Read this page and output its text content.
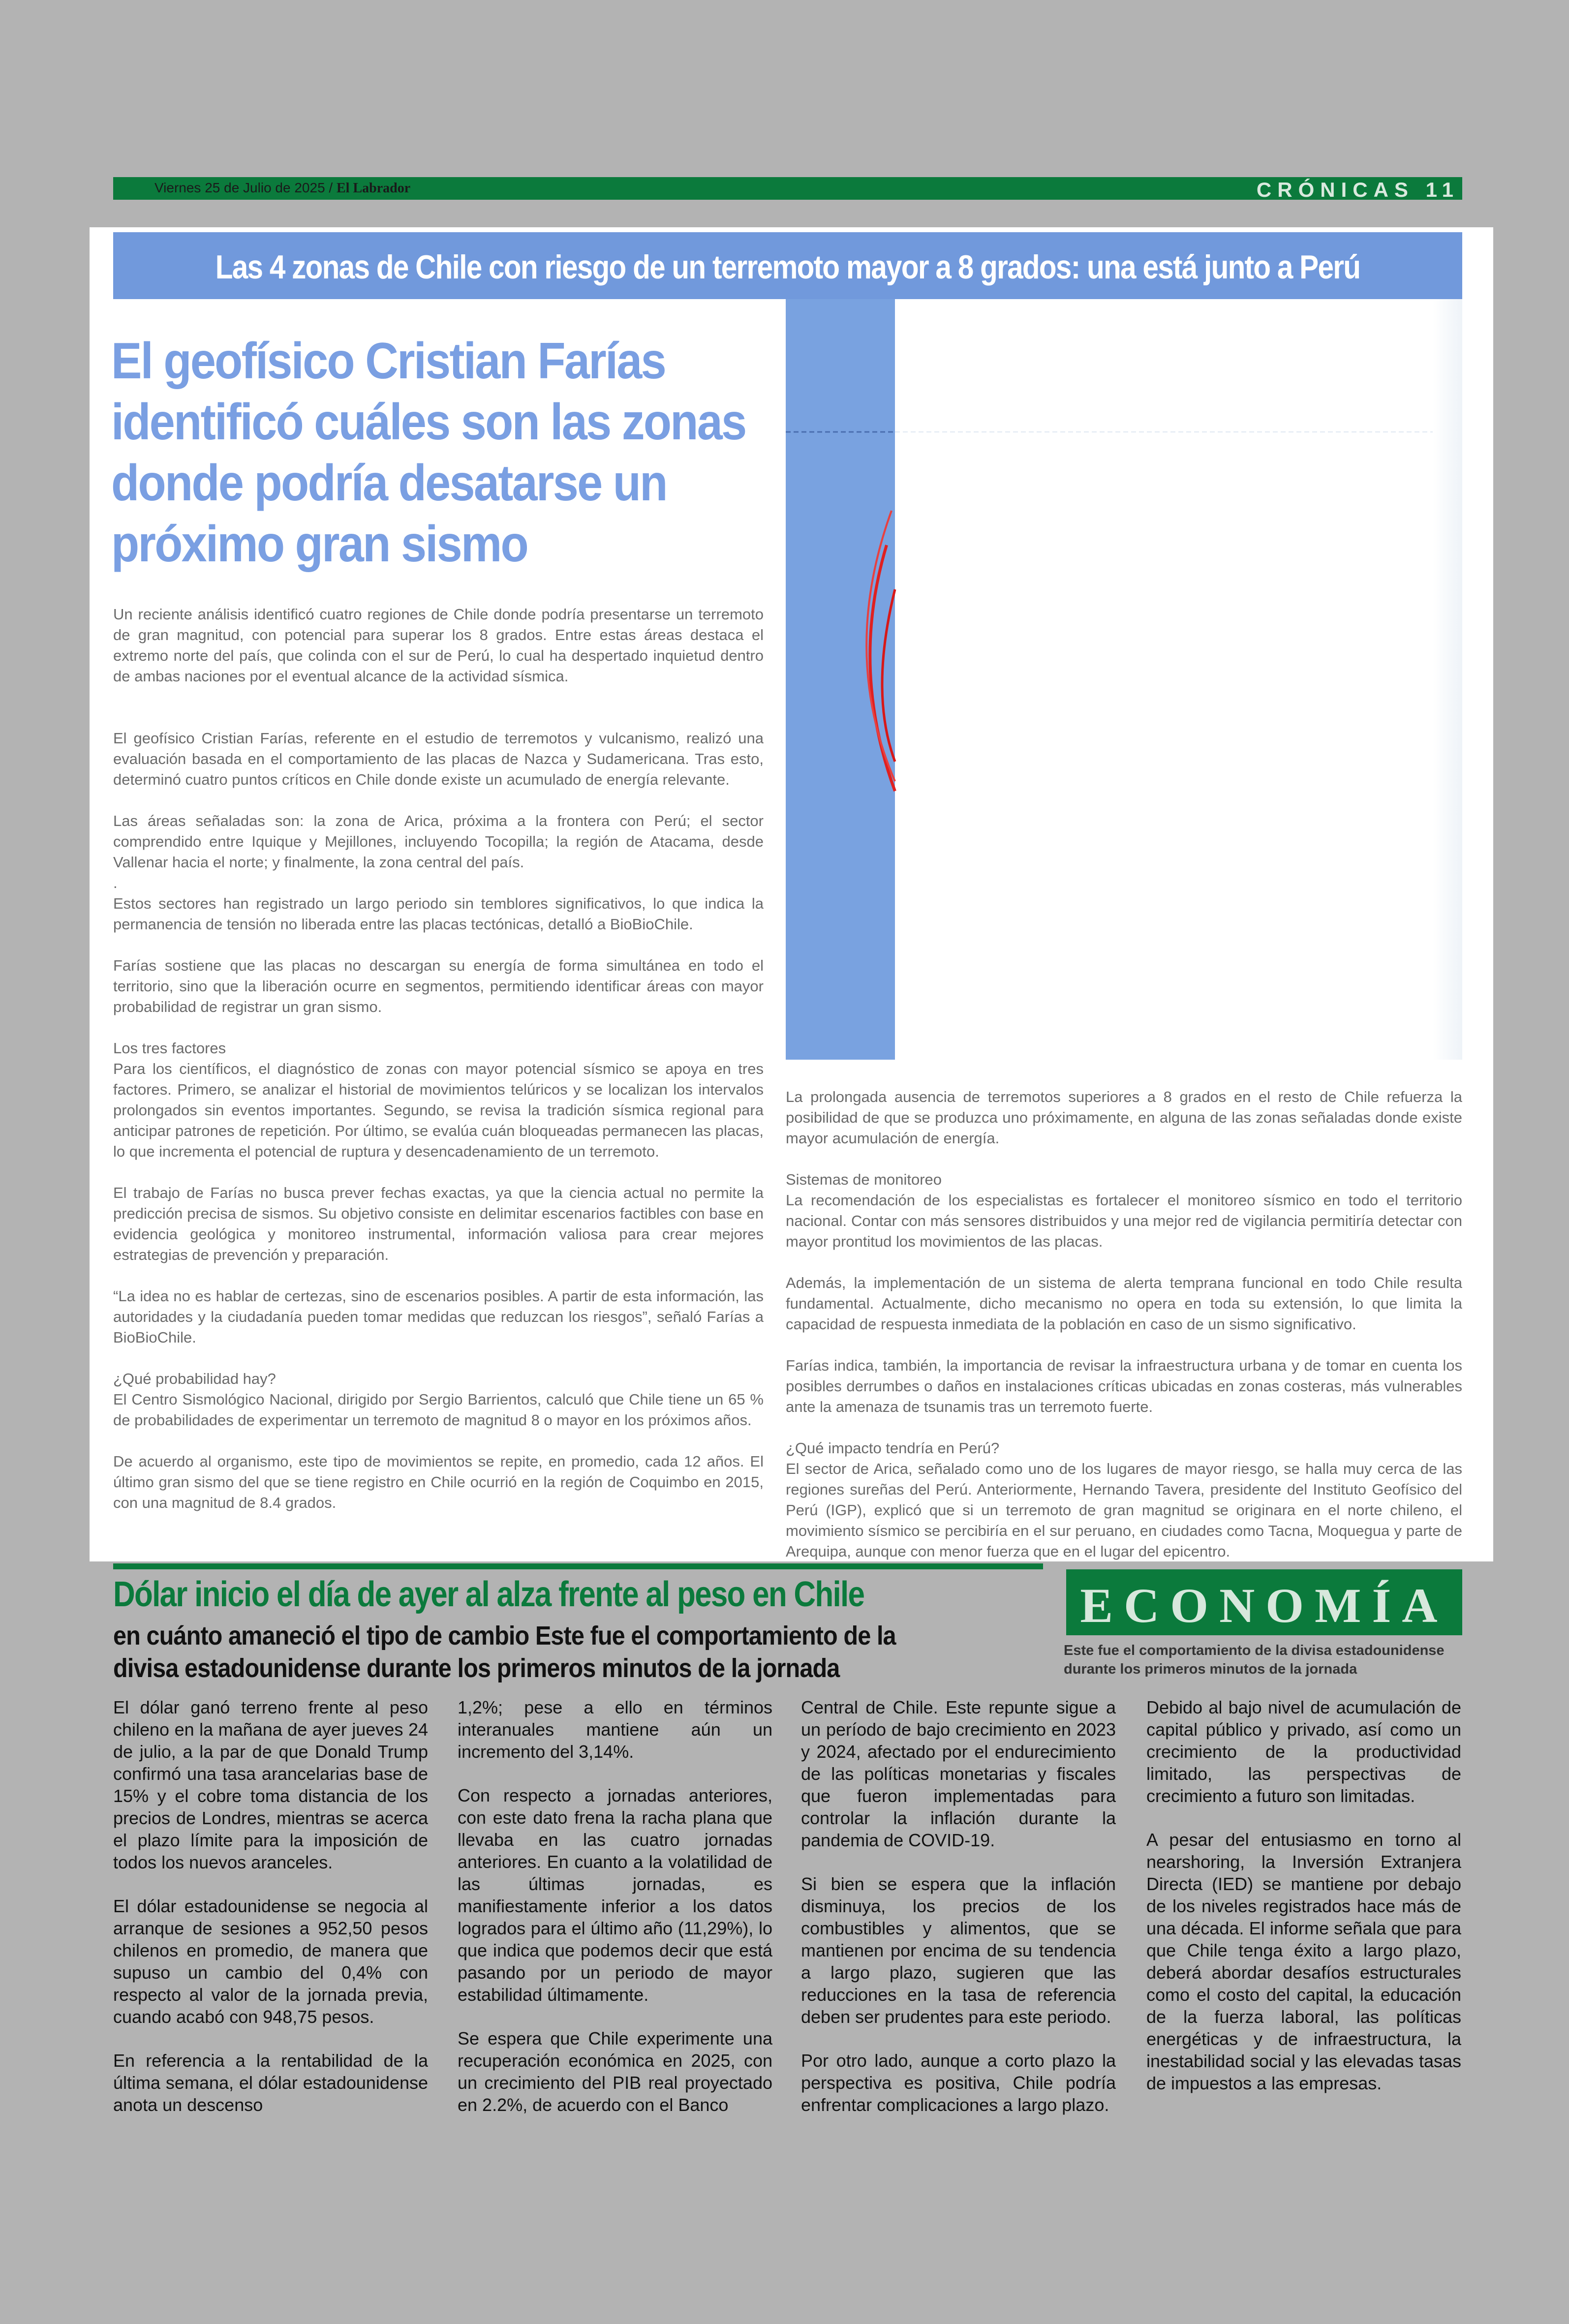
Viernes 25 de Julio de 2025 / El Labrador	CRÓNICAS 11
Las 4 zonas de Chile con riesgo de un terremoto mayor a 8 grados: una está junto a Perú
El geofísico Cristian Farías identificó cuáles son las zonas donde podría desatarse un próximo gran sismo

Un reciente análisis identificó cuatro regiones de Chile donde podría presentarse un terremoto de gran magnitud, con potencial para superar los 8 grados. Entre estas áreas destaca el extremo norte del país, que colinda con el sur de Perú, lo cual ha despertado inquietud dentro de ambas naciones por el eventual alcance de la actividad sísmica.

El geofísico Cristian Farías, referente en el estudio de terremotos y vulcanismo, realizó una evaluación basada en el comportamiento de las placas de Nazca y Sudamericana. Tras esto, determinó cuatro puntos críticos en Chile donde existe un acumulado de energía relevante.

Las áreas señaladas son: la zona de Arica, próxima a la frontera con Perú; el sector comprendido entre Iquique y Mejillones, incluyendo Tocopilla; la región de Atacama, desde Vallenar hacia el norte; y finalmente, la zona central del país.

.

Estos sectores han registrado un largo periodo sin temblores significativos, lo que indica la permanencia de tensión no liberada entre las placas tectónicas, detalló a BioBioChile.

Farías sostiene que las placas no descargan su energía de forma simultánea en todo el territorio, sino que la liberación ocurre en segmentos, permitiendo identificar áreas con mayor probabilidad de registrar un gran sismo.

Los tres factores

Para los científicos, el diagnóstico de zonas con mayor potencial sísmico se apoya en tres factores. Primero, se analizar el historial de movimientos telúricos y se localizan los intervalos prolongados sin eventos importantes. Segundo, se revisa la tradición sísmica regional para anticipar patrones de repetición. Por último, se evalúa cuán bloqueadas permanecen las placas, lo que incrementa el potencial de ruptura y desencadenamiento de un terremoto.

El trabajo de Farías no busca prever fechas exactas, ya que la ciencia actual no permite la predicción precisa de sismos. Su objetivo consiste en delimitar escenarios factibles con base en evidencia geológica y monitoreo instrumental, información valiosa para crear mejores estrategias de prevención y preparación.

“La idea no es hablar de certezas, sino de escenarios posibles. A partir de esta información, las autoridades y la ciudadanía pueden tomar medidas que reduzcan los riesgos”, señaló Farías a BioBioChile.

¿Qué probabilidad hay?

El Centro Sismológico Nacional, dirigido por Sergio Barrientos, calculó que Chile tiene un 65 % de probabilidades de experimentar un terremoto de magnitud 8 o mayor en los próximos años.

De acuerdo al organismo, este tipo de movimientos se repite, en promedio, cada 12 años. El último gran sismo del que se tiene registro en Chile ocurrió en la región de Coquimbo en 2015, con una magnitud de 8.4 grados.

La prolongada ausencia de terremotos superiores a 8 grados en el resto de Chile refuerza la posibilidad de que se produzca uno próximamente, en alguna de las zonas señaladas donde existe mayor acumulación de energía.

Sistemas de monitoreo

La recomendación de los especialistas es fortalecer el monitoreo sísmico en todo el territorio nacional. Contar con más sensores distribuidos y una mejor red de vigilancia permitiría detectar con mayor prontitud los movimientos de las placas.

Además, la implementación de un sistema de alerta temprana funcional en todo Chile resulta fundamental. Actualmente, dicho mecanismo no opera en toda su extensión, lo que limita la capacidad de respuesta inmediata de la población en caso de un sismo significativo.

Farías indica, también, la importancia de revisar la infraestructura urbana y de tomar en cuenta los posibles derrumbes o daños en instalaciones críticas ubicadas en zonas costeras, más vulnerables ante la amenaza de tsunamis tras un terremoto fuerte.

¿Qué impacto tendría en Perú?

El sector de Arica, señalado como uno de los lugares de mayor riesgo, se halla muy cerca de las regiones sureñas del Perú. Anteriormente, Hernando Tavera, presidente del Instituto Geofísico del Perú (IGP), explicó que si un terremoto de gran magnitud se originara en el norte chileno, el movimiento sísmico se percibiría en el sur peruano, en ciudades como Tacna, Moquegua y parte de Arequipa, aunque con menor fuerza que en el lugar del epicentro.

Dólar inicio el día de ayer al alza frente al peso en Chile
en cuánto amaneció el tipo de cambio Este fue el comportamiento de la divisa estadounidense durante los primeros minutos de la jornada
ECONOMÍA
Este fue el comportamiento de la divisa estadounidense durante los primeros minutos de la jornada

El dólar ganó terreno frente al peso chileno en la mañana de ayer jueves 24 de julio, a la par de que Donald Trump confirmó una tasa arancelarias base de 15% y el cobre toma distancia de los precios de Londres, mientras se acerca el plazo límite para la imposición de todos los nuevos aranceles.

El dólar estadounidense se negocia al arranque de sesiones a 952,50 pesos chilenos en promedio, de manera que supuso un cambio del 0,4% con respecto al valor de la jornada previa, cuando acabó con 948,75 pesos.

En referencia a la rentabilidad de la última semana, el dólar estadounidense anota un descenso

1,2%; pese a ello en términos interanuales mantiene aún un incremento del 3,14%.

Con respecto a jornadas anteriores, con este dato frena la racha plana que llevaba en las cuatro jornadas anteriores. En cuanto a la volatilidad de las últimas jornadas, es manifiestamente inferior a los datos logrados para el último año (11,29%), lo que indica que podemos decir que está pasando por un periodo de mayor estabilidad últimamente.

Se espera que Chile experimente una recuperación económica en 2025, con un crecimiento del PIB real proyectado en 2.2%, de acuerdo con el Banco

Central de Chile. Este repunte sigue a un período de bajo crecimiento en 2023 y 2024, afectado por el endurecimiento de las políticas monetarias y fiscales que fueron implementadas para controlar la inflación durante la pandemia de COVID-19.

Si bien se espera que la inflación disminuya, los precios de los combustibles y alimentos, que se mantienen por encima de su tendencia a largo plazo, sugieren que las reducciones en la tasa de referencia deben ser prudentes para este periodo.

Por otro lado, aunque a corto plazo la perspectiva es positiva, Chile podría enfrentar complicaciones a largo plazo.

Debido al bajo nivel de acumulación de capital público y privado, así como un crecimiento de la productividad limitado, las perspectivas de crecimiento a futuro son limitadas.

A pesar del entusiasmo en torno al nearshoring, la Inversión Extranjera Directa (IED) se mantiene por debajo de los niveles registrados hace más de una década. El informe señala que para que Chile tenga éxito a largo plazo, deberá abordar desafíos estructurales como el costo del capital, la educación de la fuerza laboral, las políticas energéticas y de infraestructura, la inestabilidad social y las elevadas tasas de impuestos a las empresas.
